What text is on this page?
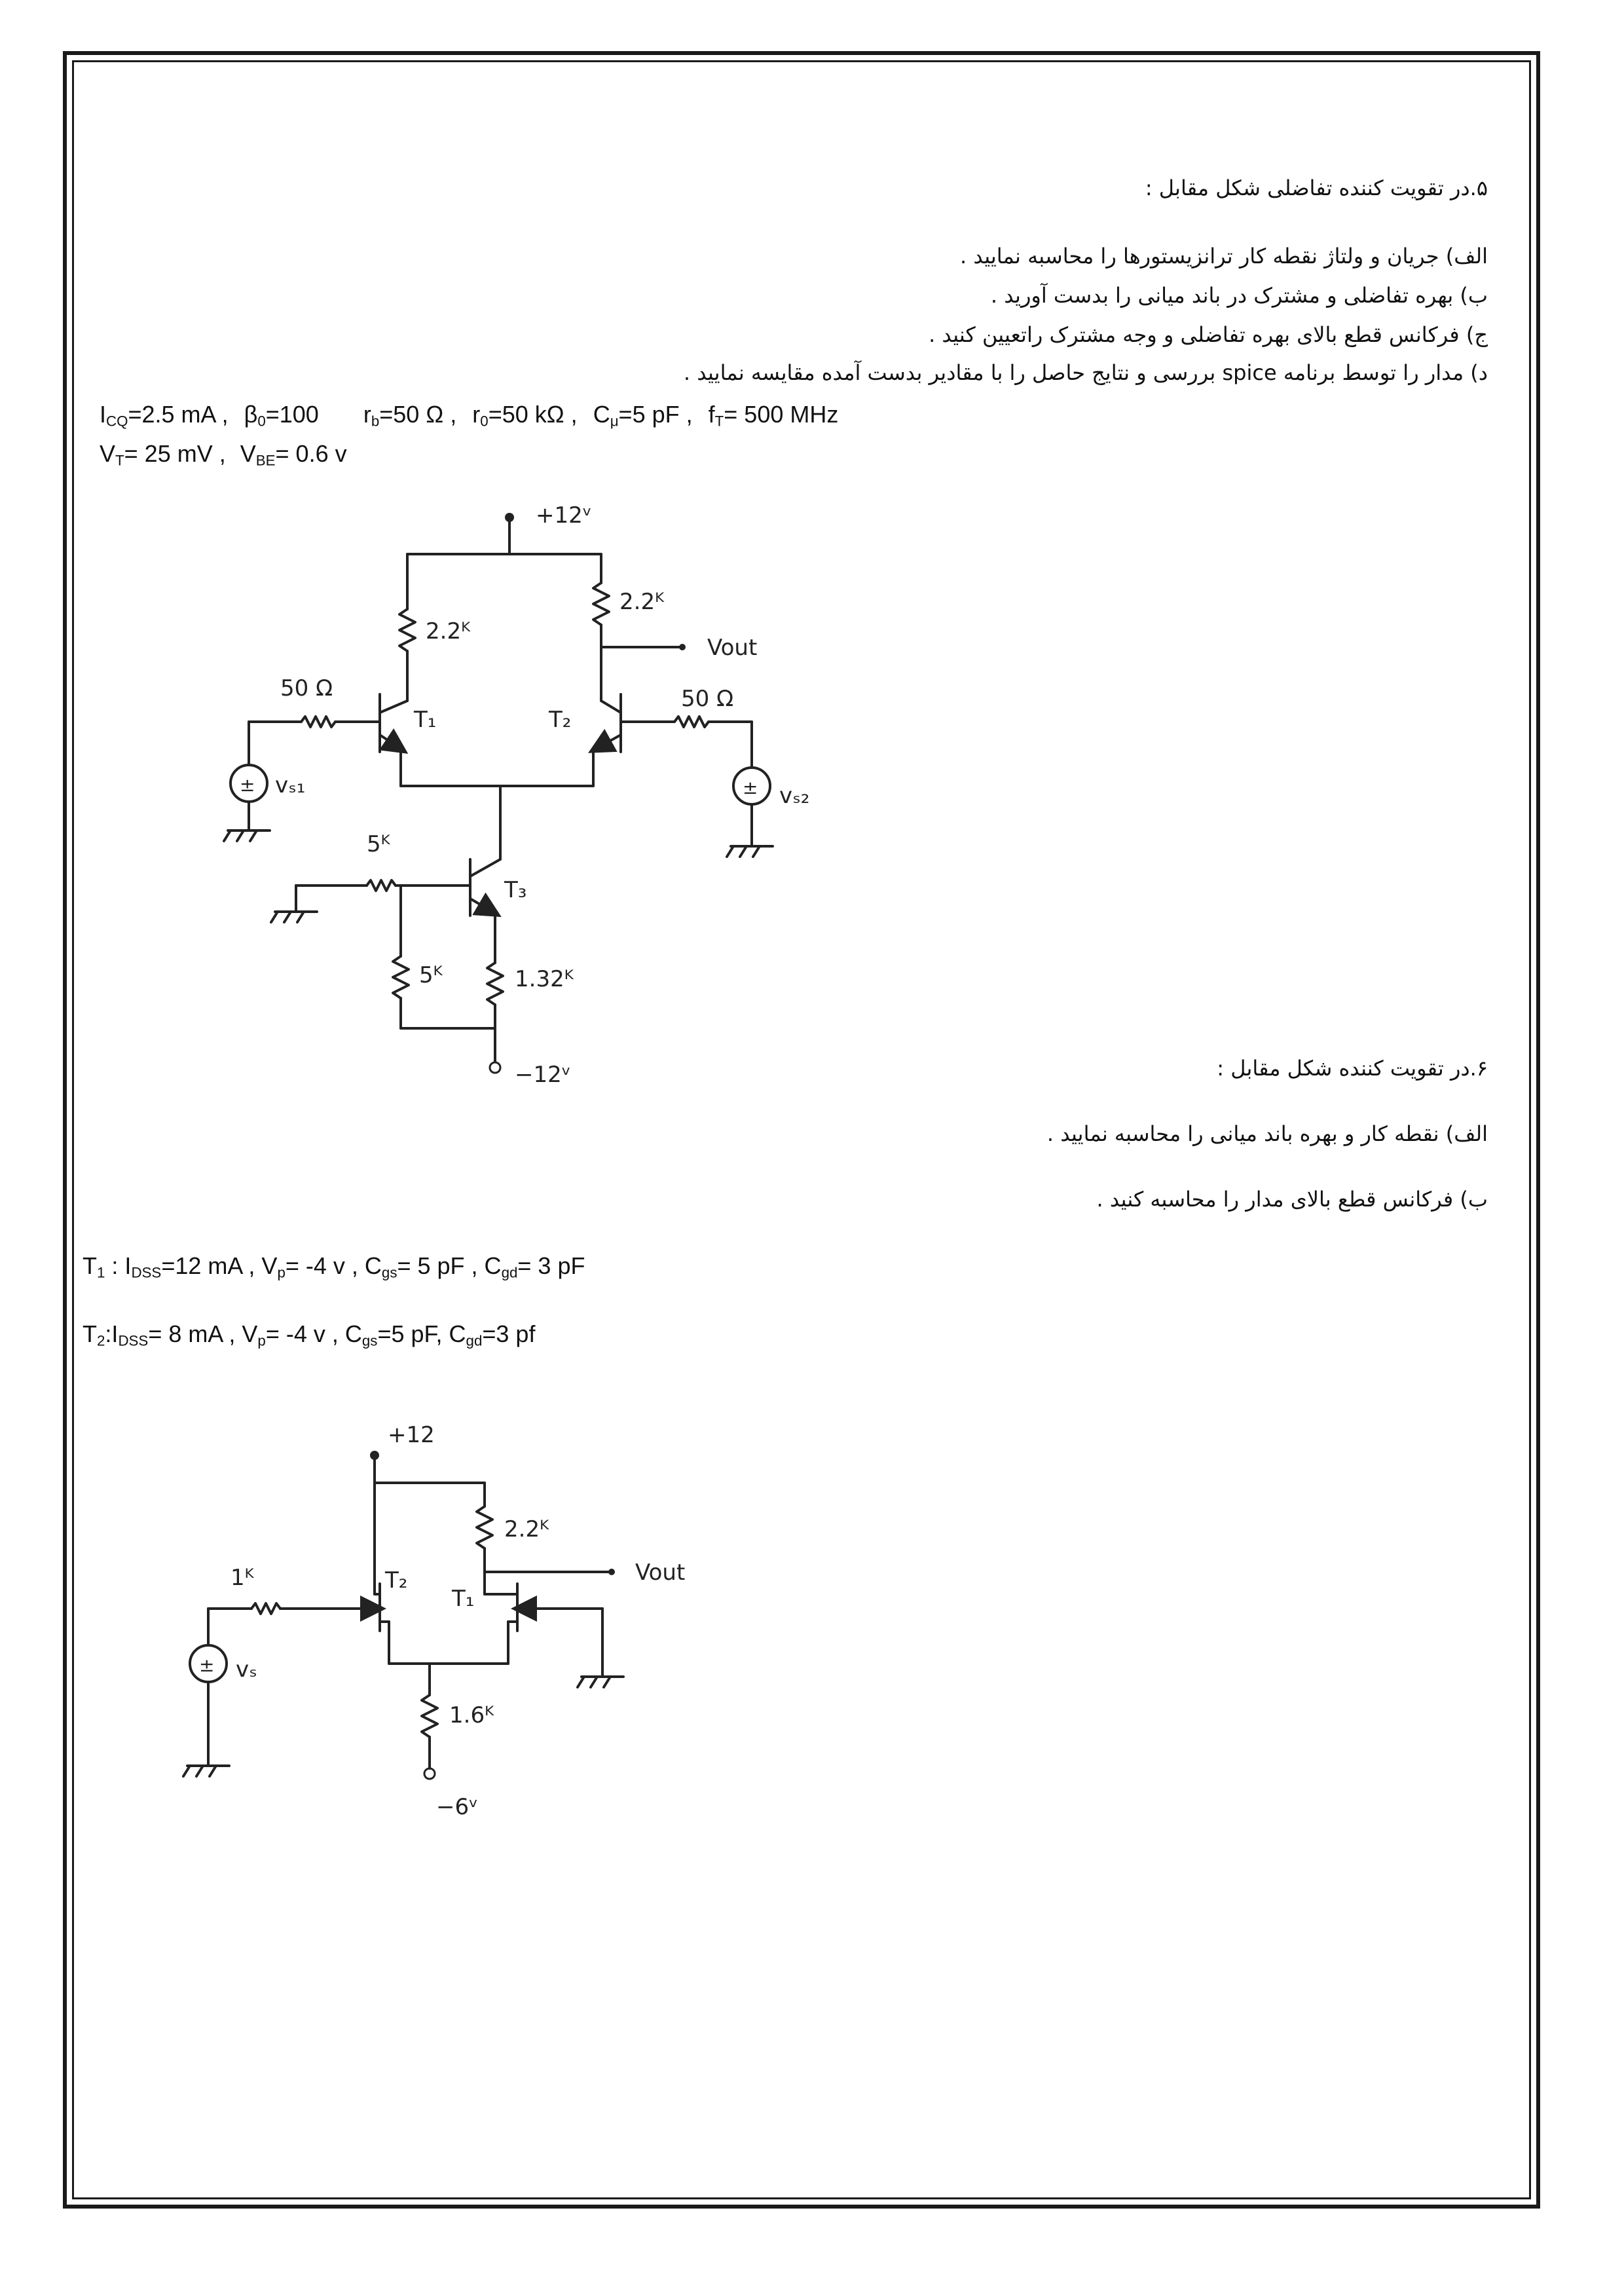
۵.در تقویت کننده تفاضلی شکل مقابل :
الف) جریان و ولتاژ نقطه کار ترانزیستورها را محاسبه نمایید .
ب) بهره تفاضلی و مشترک در باند میانی را بدست آورید .
ج) فرکانس قطع بالای بهره تفاضلی و وجه مشترک راتعیین کنید .
د) مدار را توسط برنامه spice بررسی و نتایج حاصل را با مقادیر بدست آمده مقایسه نمایید .
$I_{CQ}=2.5$ mA , $\beta_0=100$ $r_b=50$ Ω , $r_0=50$ kΩ , $C_\mu=5$ pF , $f_T= 500$ MHz
$V_T= 25$ mV , $V_{BE}= 0.6$ v
۶.در تقویت کننده شکل مقابل :
الف) نقطه کار و بهره باند میانی را محاسبه نمایید .
ب) فرکانس قطع بالای مدار را محاسبه کنید .
$T_1$ : $I_{DSS}=12$ mA , $V_p= -4$ v , $C_{gs}= 5$ pF , $C_{gd}= 3$ pF
$T_2:I_{DSS}= 8$ mA , $V_p= -4$ v , $C_{gs}=5$ pF, $C_{gd}=3$ pf
+12ᵛ
2.2ᴷ
2.2ᴷ
Vout
T₁	T₂
50 Ω
± vₛ₁
50 Ω
± vₛ₂
T₃
5ᴷ
5ᴷ	1.32ᴷ
−12ᵛ
+12
2.2ᴷ
Vout
T₂
T₁
1ᴷ
± vₛ
1.6ᴷ
−6ᵛ
